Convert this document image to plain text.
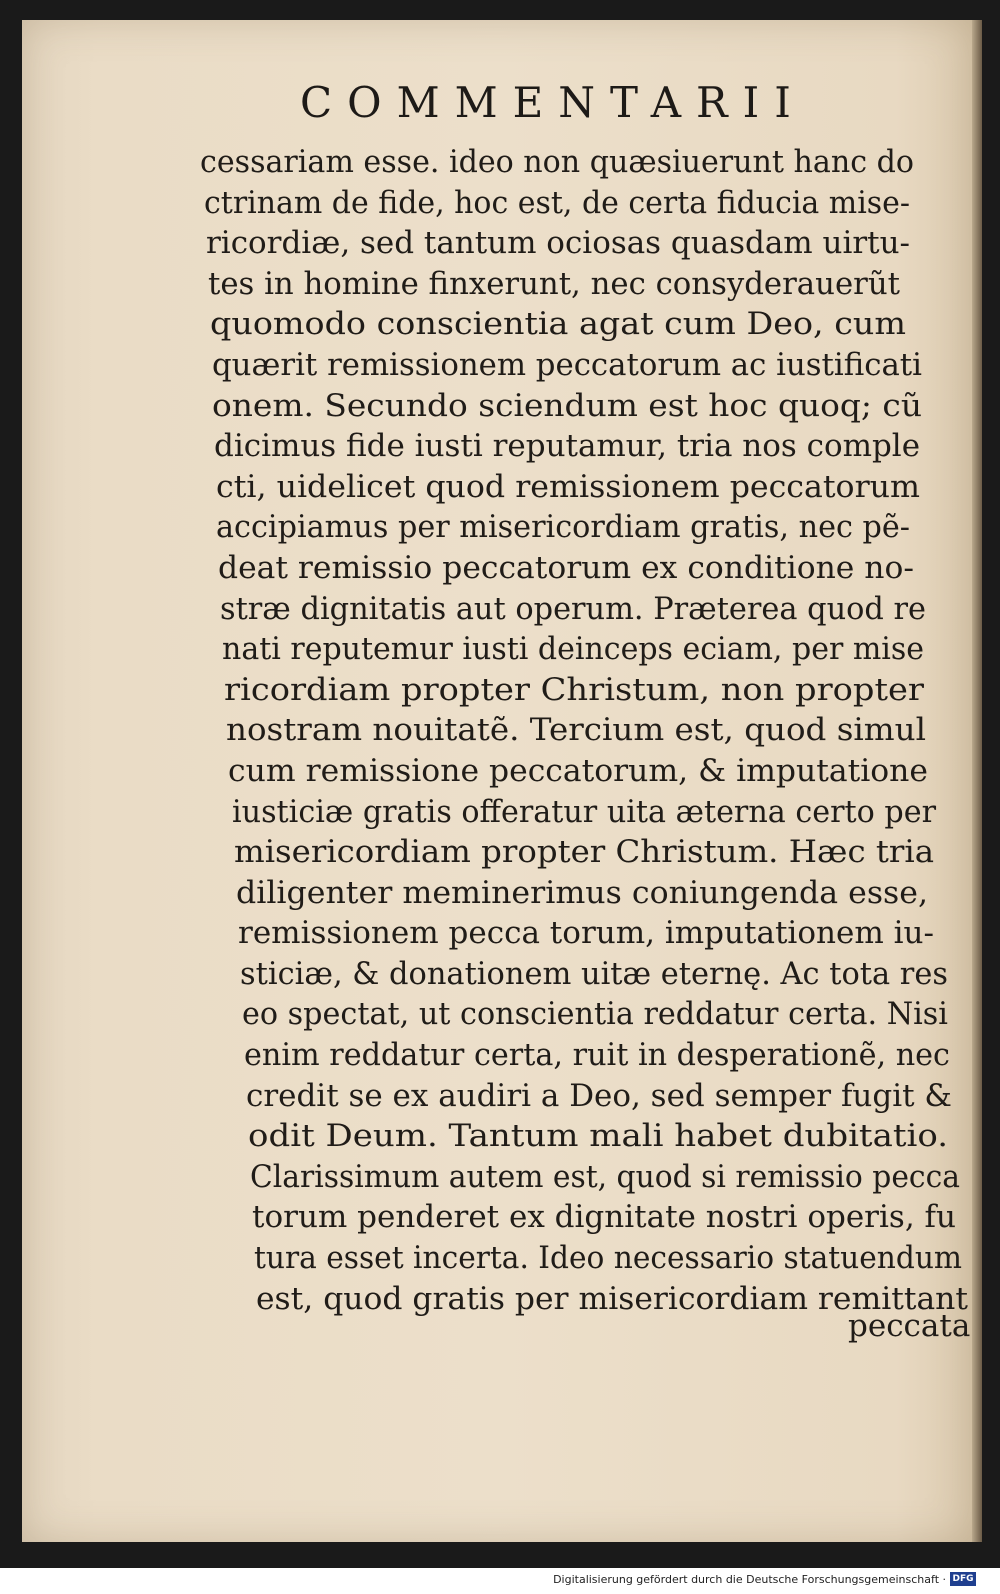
COMMENTARII
cessariam esse. ideo non quæsiuerunt hanc do
ctrinam de fide, hoc est, de certa fiducia mise-
ricordiæ, sed tantum ociosas quasdam uirtu-
tes in homine finxerunt, nec consyderauerũt
quomodo conscientia agat cum Deo, cum
quærit remissionem peccatorum ac iustificati
onem. Secundo sciendum est hoc quoq; cũ
dicimus fide iusti reputamur, tria nos comple
cti, uidelicet quod remissionem peccatorum
accipiamus per misericordiam gratis, nec pẽ-
deat remissio peccatorum ex conditione no-
stræ dignitatis aut operum. Præterea quod re
nati reputemur iusti deinceps eciam, per mise
ricordiam propter Christum, non propter
nostram nouitatẽ. Tercium est, quod simul
cum remissione peccatorum, & imputatione
iusticiæ gratis offeratur uita æterna certo per
misericordiam propter Christum. Hæc tria
diligenter meminerimus coniungenda esse,
remissionem pecca torum, imputationem iu-
sticiæ, & donationem uitæ eternę. Ac tota res
eo spectat, ut conscientia reddatur certa. Nisi
enim reddatur certa, ruit in desperationẽ, nec
credit se ex audiri a Deo, sed semper fugit &
odit Deum. Tantum mali habet dubitatio.
Clarissimum autem est, quod si remissio pecca
torum penderet ex dignitate nostri operis, fu
tura esset incerta. Ideo necessario statuendum
est, quod gratis per misericordiam remittant
peccata
Digitalisierung gefördert durch die Deutsche Forschungsgemeinschaft · DFG
